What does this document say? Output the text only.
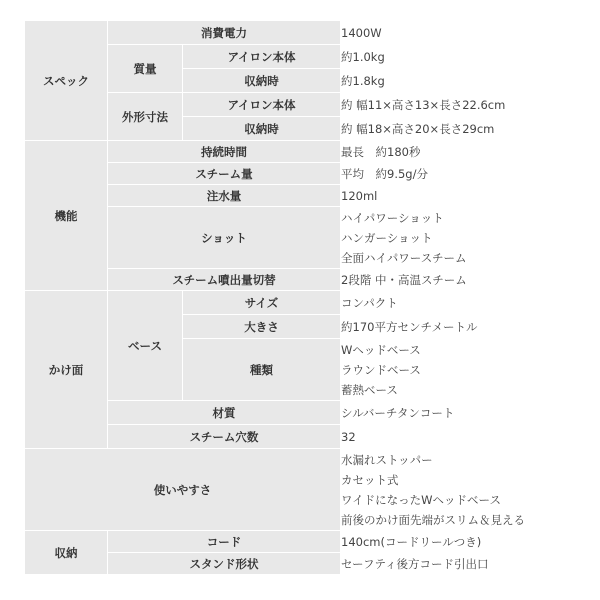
スペック	消費電力		1400W
	質量	アイロン本体	約1.0kg
		収納時	約1.8kg
	外形寸法	アイロン本体	約 幅11×高さ13×長さ22.6cm
		収納時	約 幅18×高さ20×長さ29cm
機能	持続時間		最長　約180秒
	スチーム量		平均　約9.5g/分
	注水量		120ml
	ショット		ハイパワーショット
ハンガーショット
全面ハイパワースチーム

	スチーム噴出量切替		2段階 中・高温スチーム
かけ面	ベース	サイズ	コンパクト
		大きさ	約170平方センチメートル
		種類	Wヘッドベース
ラウンドベース
蓄熱ベース

	材質		シルバーチタンコート
	スチーム穴数		32
使いやすさ			水漏れストッパー
カセット式
ワイドになったWヘッドベース
前後のかけ面先端がスリム＆見える

収納	コード		140cm(コードリールつき)
	スタンド形状		セーフティ後方コード引出口
